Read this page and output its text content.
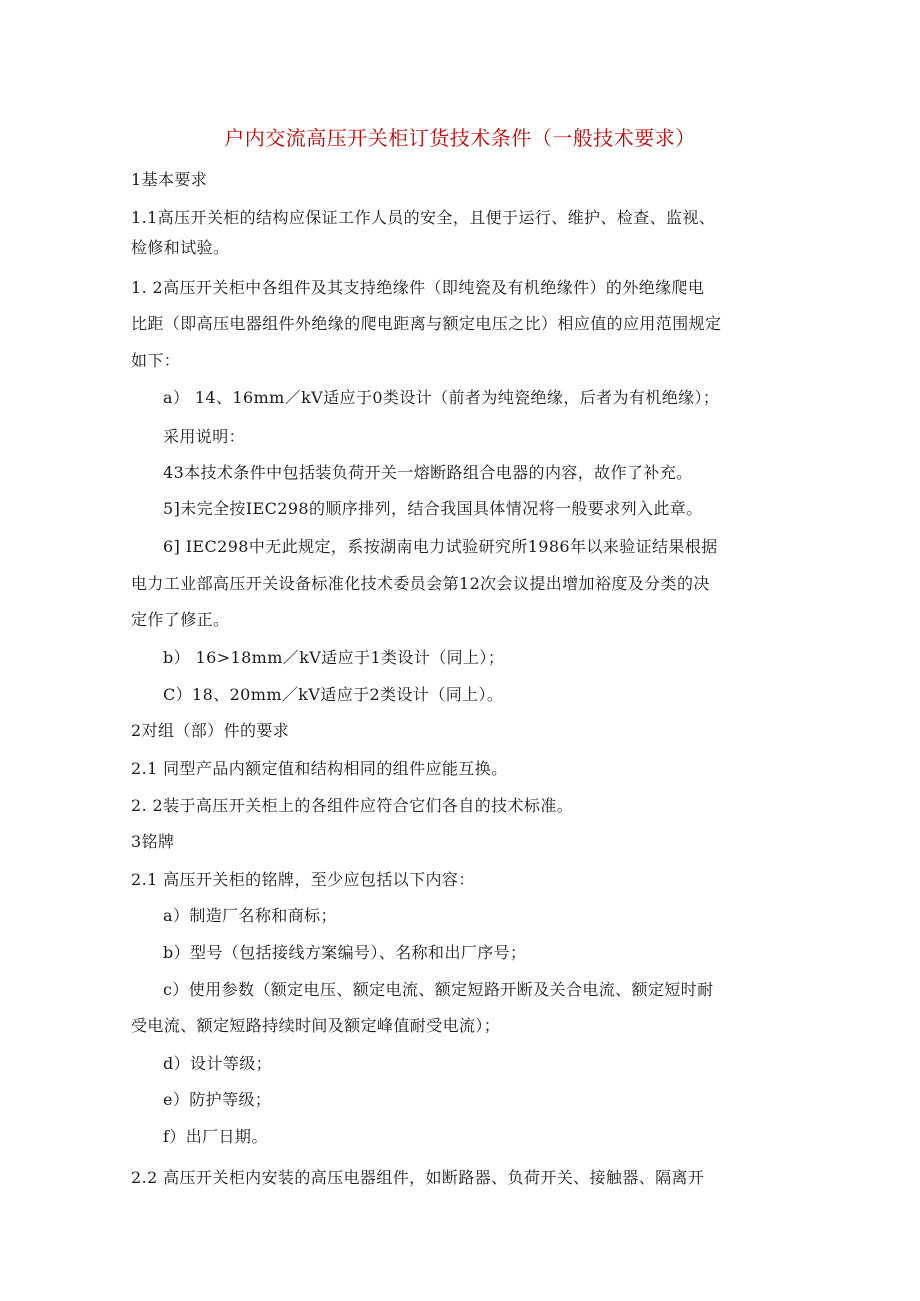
户内交流高压开关柜订货技术条件（一般技术要求）
1基本要求
1.1高压开关柜的结构应保证工作人员的安全，且便于运行、维护、检查、监视、
检修和试验。
1. 2高压开关柜中各组件及其支持绝缘件（即纯瓷及有机绝缘件）的外绝缘爬电
比距（即高压电器组件外绝缘的爬电距离与额定电压之比）相应值的应用范围规定
如下：
a） 14、16mm／kV适应于0类设计（前者为纯瓷绝缘，后者为有机绝缘）；
采用说明：
43本技术条件中包括装负荷开关一熔断路组合电器的内容，故作了补充。
5]未完全按IEC298的顺序排列，结合我国具体情况将一般要求列入此章。
6] IEC298中无此规定，系按湖南电力试验研究所1986年以来验证结果根据
电力工业部高压开关设备标准化技术委员会第12次会议提出增加裕度及分类的决
定作了修正。
b） 16>18mm／kV适应于1类设计（同上）；
C）18、20mm／kV适应于2类设计（同上）。
2对组（部）件的要求
2.1 同型产品内额定值和结构相同的组件应能互换。
2. 2装于高压开关柜上的各组件应符合它们各自的技术标准。
3铭牌
2.1 高压开关柜的铭牌，至少应包括以下内容：
a）制造厂名称和商标；
b）型号（包括接线方案编号）、名称和出厂序号；
c）使用参数（额定电压、额定电流、额定短路开断及关合电流、额定短时耐
受电流、额定短路持续时间及额定峰值耐受电流）；
d）设计等级；
e）防护等级；
f）出厂日期。
2.2 高压开关柜内安装的高压电器组件，如断路器、负荷开关、接触器、隔离开
